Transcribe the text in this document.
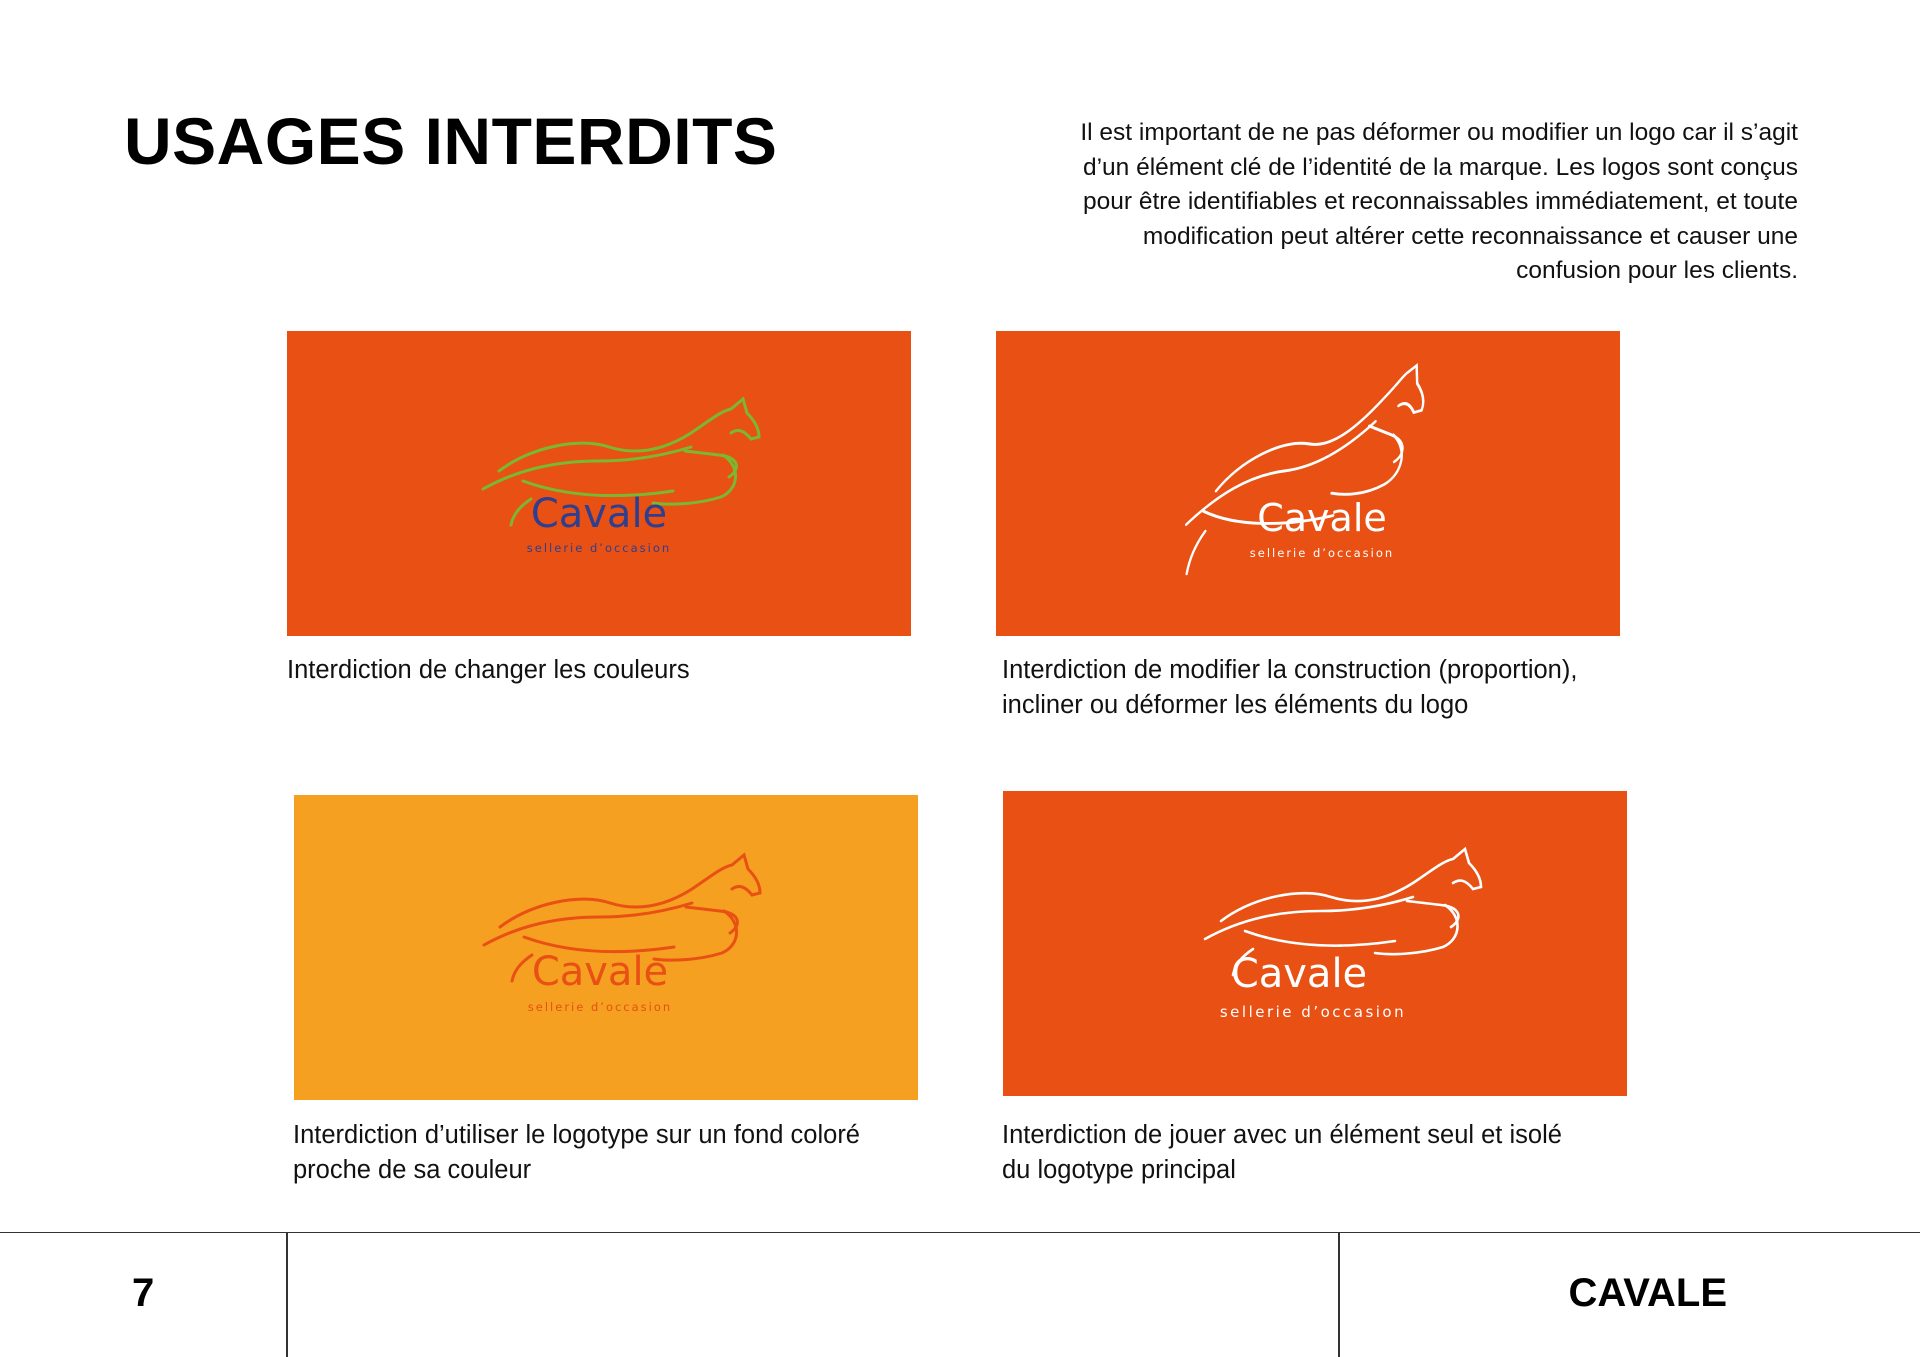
USAGES INTERDITS	Il est important de ne pas déformer ou modifier un logo car il s’agit
d’un élément clé de l’identité de la marque. Les logos sont conçus
pour être identifiables et reconnaissables immédiatement, et toute
modification peut altérer cette reconnaissance et causer une
confusion pour les clients.
Cavale
sellerie d’occasion
Cavale
sellerie d’occasion
Cavale
sellerie d’occasion
Cavale
sellerie d’occasion
Interdiction de changer les couleurs	Interdiction de modifier la construction (proportion),
incliner ou déformer les éléments du logo
Interdiction d’utiliser le logotype sur un fond coloré
proche de sa couleur
Interdiction de jouer avec un élément seul et isolé
du logotype principal
7	CAVALE
